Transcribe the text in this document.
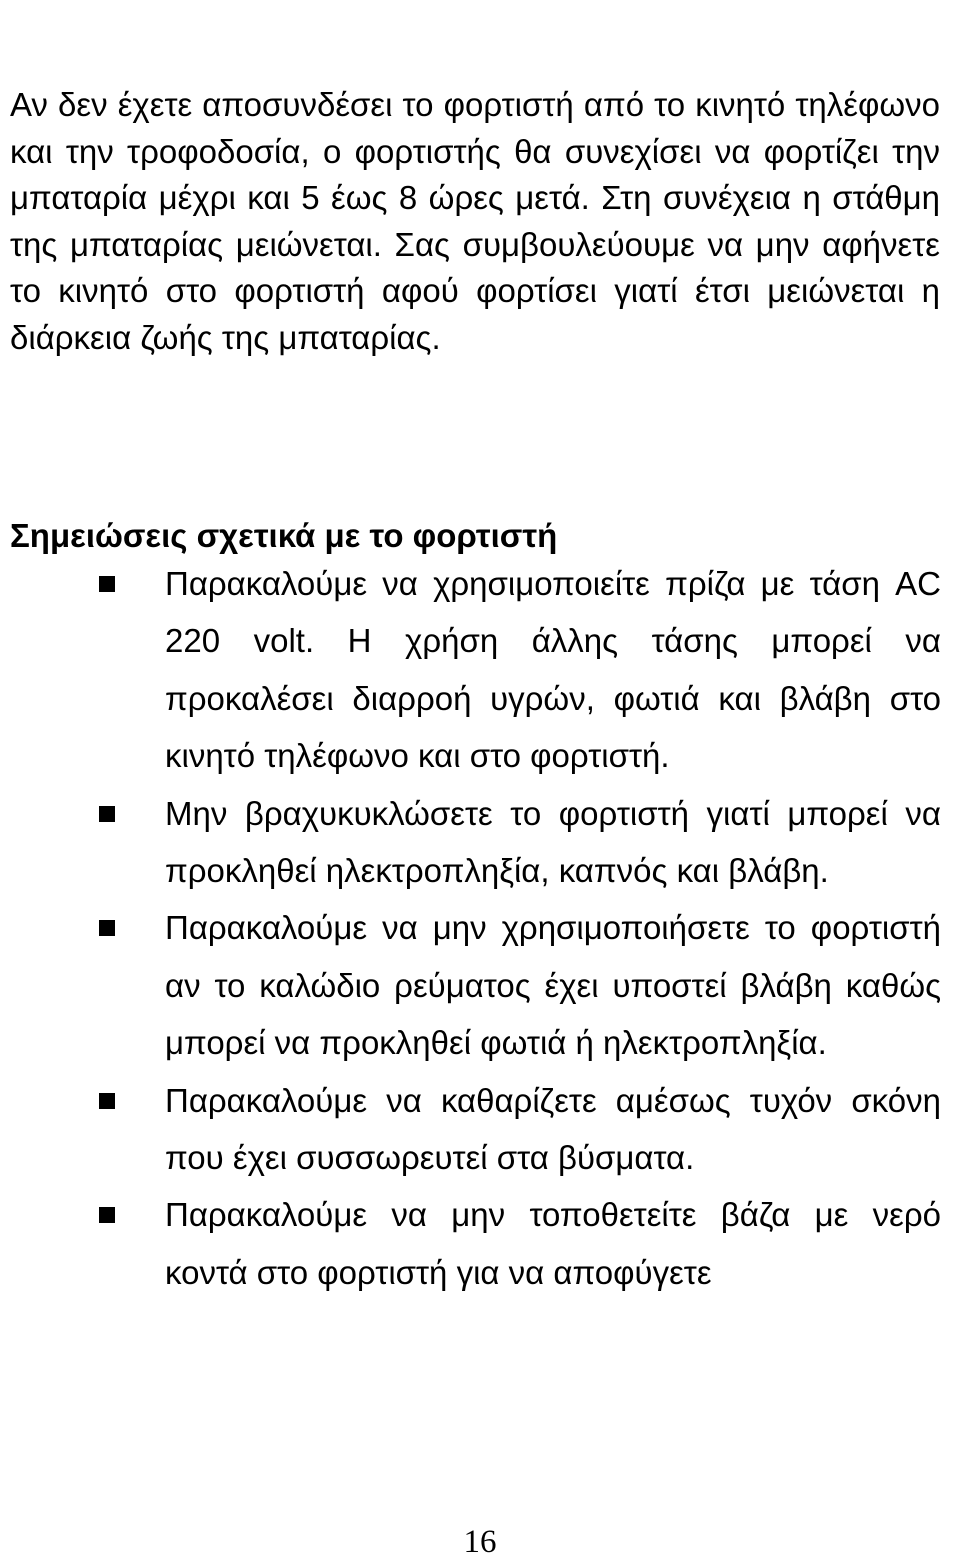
Αν δεν έχετε αποσυνδέσει το φορτιστή από το κινητό τηλέφωνο και την τροφοδοσία, ο φορτιστής θα συνεχίσει να φορτίζει την μπαταρία μέχρι και 5 έως 8 ώρες μετά. Στη συνέχεια η στάθμη της μπαταρίας μειώνεται. Σας συμβουλεύουμε να μην αφήνετε το κινητό στο φορτιστή αφού φορτίσει γιατί έτσι μειώνεται η διάρκεια ζωής της μπαταρίας.

Σημειώσεις σχετικά με το φορτιστή
Παρακαλούμε να χρησιμοποιείτε πρίζα με τάση AC 220 volt. Η χρήση άλλης τάσης μπορεί να προκαλέσει διαρροή υγρών, φωτιά και βλάβη στο κινητό τηλέφωνο και στο φορτιστή.
Μην βραχυκυκλώσετε το φορτιστή γιατί μπορεί να προκληθεί ηλεκτροπληξία, καπνός και βλάβη.
Παρακαλούμε να μην χρησιμοποιήσετε το φορτιστή αν το καλώδιο ρεύματος έχει υποστεί βλάβη καθώς μπορεί να προκληθεί φωτιά ή ηλεκτροπληξία.
Παρακαλούμε να καθαρίζετε αμέσως τυχόν σκόνη που έχει συσσωρευτεί στα βύσματα.
Παρακαλούμε να μην τοποθετείτε βάζα με νερό κοντά στο φορτιστή για να αποφύγετε
16
